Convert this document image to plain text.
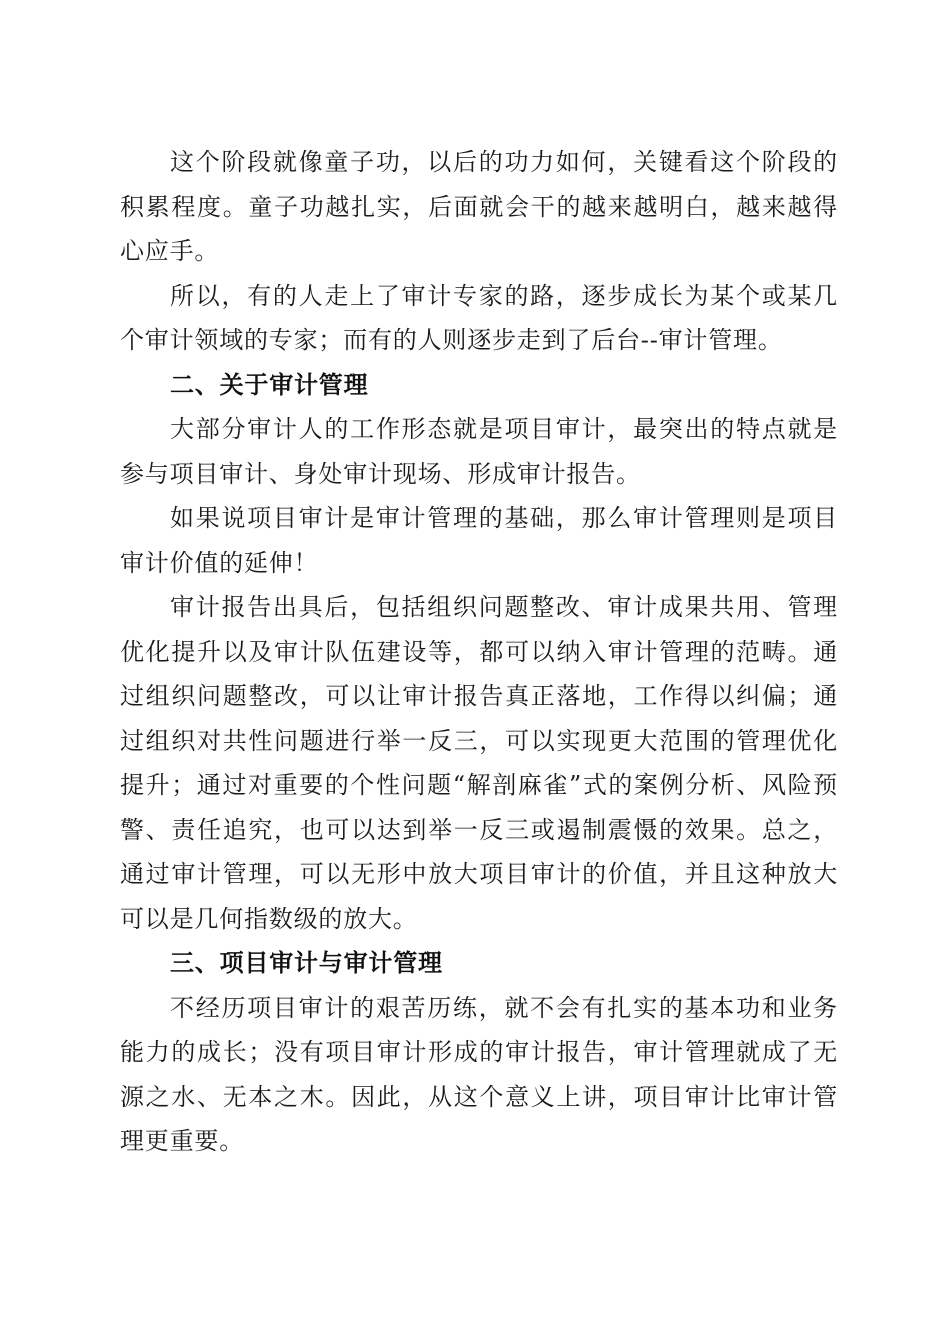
这个阶段就像童子功，以后的功力如何，关键看这个阶段的积累程度。童子功越扎实，后面就会干的越来越明白，越来越得心应手。

所以，有的人走上了审计专家的路，逐步成长为某个或某几个审计领域的专家；而有的人则逐步走到了后台--审计管理。

二、关于审计管理

大部分审计人的工作形态就是项目审计，最突出的特点就是参与项目审计、身处审计现场、形成审计报告。

如果说项目审计是审计管理的基础，那么审计管理则是项目审计价值的延伸！

审计报告出具后，包括组织问题整改、审计成果共用、管理优化提升以及审计队伍建设等，都可以纳入审计管理的范畴。通过组织问题整改，可以让审计报告真正落地，工作得以纠偏；通过组织对共性问题进行举一反三，可以实现更大范围的管理优化提升；通过对重要的个性问题“解剖麻雀”式的案例分析、风险预警、责任追究，也可以达到举一反三或遏制震慑的效果。总之，通过审计管理，可以无形中放大项目审计的价值，并且这种放大可以是几何指数级的放大。

三、项目审计与审计管理

不经历项目审计的艰苦历练，就不会有扎实的基本功和业务能力的成长；没有项目审计形成的审计报告，审计管理就成了无源之水、无本之木。因此，从这个意义上讲，项目审计比审计管理更重要。
